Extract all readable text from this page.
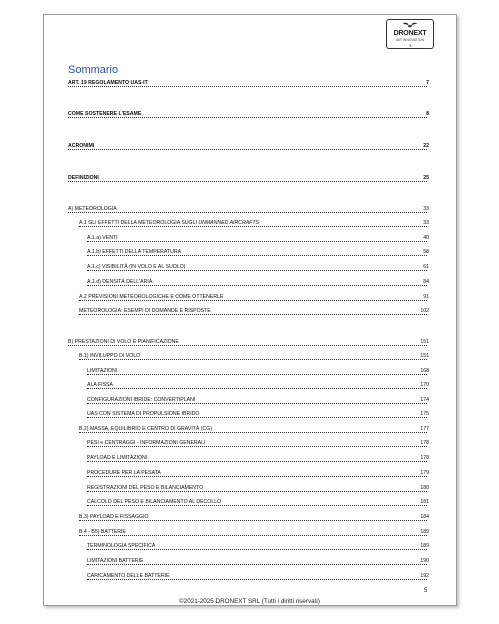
DRONEXT
AIR INNOVATION
®
Sommario
ART. 19 REGOLAMENTO UAS-IT	7
COME SOSTENERE L'ESAME	8
ACRONIMI	22
DEFINIZIONI	25
A) METEOROLOGIA	33
A.1 GLI EFFETTI DELLA METEOROLOGIA SUGLI UNMANNED AIRCRAFTS	33
A.1.a) VENTI	40
A.1.b) EFFETTI DELLA TEMPERATURA	58
A.1.c) VISIBILITÀ (IN VOLO E AL SUOLO)	61
A.1.d) DENSITÀ DELL'ARIA	84
A.2 PREVISIONI METEOROLOGICHE E COME OTTENERLE	91
METEOROLOGIA: ESEMPI DI DOMANDE E RISPOSTE	102
B) PRESTAZIONI DI VOLO E PIANIFICAZIONE	151
B.1) INVILUPPO DI VOLO	151
LIMITAZIONI	168
ALA FISSA	170
CONFIGURAZIONI IBRIDE: CONVERTIPLANI	174
UAS CON SISTEMA DI PROPULSIONE IBRIDO	175
B.2) MASSA, EQUILIBRIO E CENTRO DI GRAVITÀ (CG)	177
PESI e CENTRAGGI - INFORMAZIONI GENERALI	178
PAYLOAD E LIMITAZIONI	178
PROCEDURE PER LA PESATA	179
REGISTRAZIONI DEL PESO E BILANCIAMENTO	180
CALCOLO DEL PESO E BILANCIAMENTO AL DECOLLO	181
B.3) PAYLOAD E FISSAGGIO	184
B.4 - B5) BATTERIE	189
TERMINOLOGIA SPECIFICA	189
LIMITAZIONI BATTERIE	190
CARICAMENTO DELLE BATTERIE	192
5
©2021-2025 DRONEXT SRL (Tutti i diritti riservati)
